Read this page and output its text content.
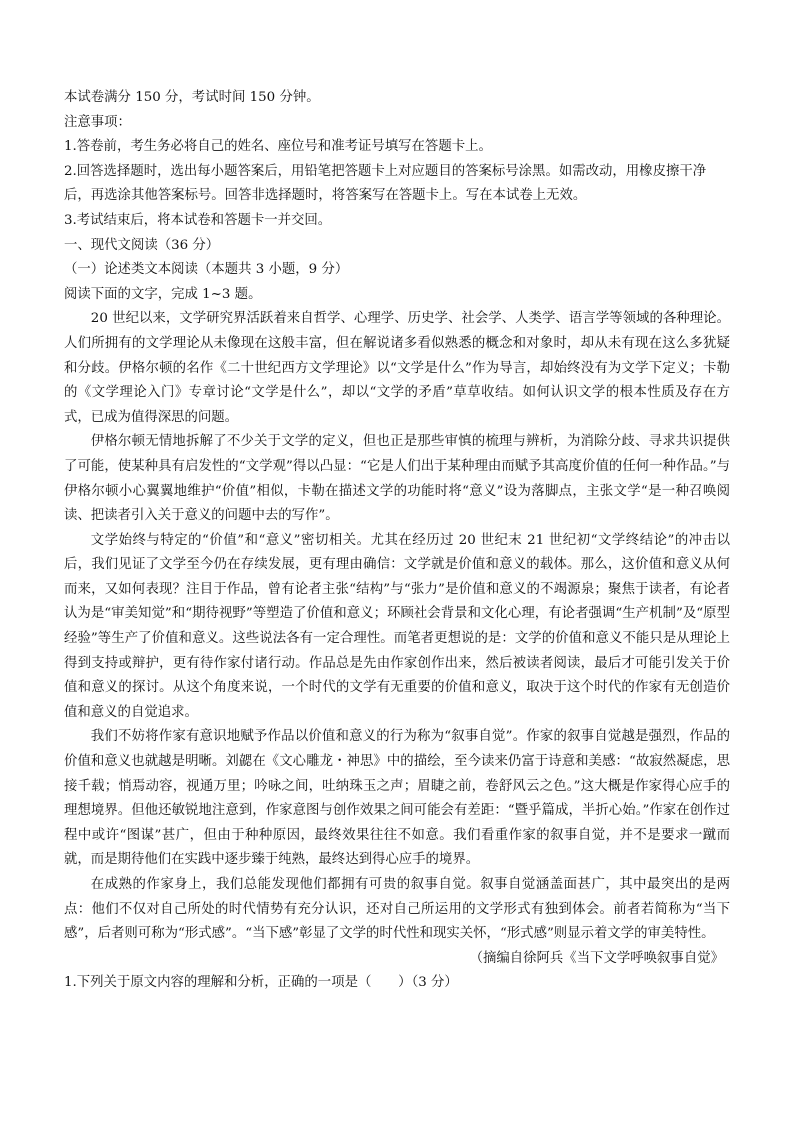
本试卷满分 150 分，考试时间 150 分钟。

注意事项：

1.答卷前，考生务必将自己的姓名、座位号和准考证号填写在答题卡上。

2.回答选择题时，选出每小题答案后，用铅笔把答题卡上对应题目的答案标号涂黑。如需改动，用橡皮擦干净后，再选涂其他答案标号。回答非选择题时，将答案写在答题卡上。写在本试卷上无效。

3.考试结束后，将本试卷和答题卡一并交回。

一、现代文阅读（36 分）

（一）论述类文本阅读（本题共 3 小题，9 分）

阅读下面的文字，完成 1~3 题。

20 世纪以来，文学研究界活跃着来自哲学、心理学、历史学、社会学、人类学、语言学等领域的各种理论。人们所拥有的文学理论从未像现在这般丰富，但在解说诸多看似熟悉的概念和对象时，却从未有现在这么多犹疑和分歧。伊格尔顿的名作《二十世纪西方文学理论》以“文学是什么”作为导言，却始终没有为文学下定义；卡勒的《文学理论入门》专章讨论“文学是什么”，却以“文学的矛盾”草草收结。如何认识文学的根本性质及存在方式，已成为值得深思的问题。

伊格尔顿无情地拆解了不少关于文学的定义，但也正是那些审慎的梳理与辨析，为消除分歧、寻求共识提供了可能，使某种具有启发性的“文学观”得以凸显：“它是人们出于某种理由而赋予其高度价值的任何一种作品。”与伊格尔顿小心翼翼地维护“价值”相似，卡勒在描述文学的功能时将“意义”设为落脚点，主张文学“是一种召唤阅读、把读者引入关于意义的问题中去的写作”。

文学始终与特定的“价值”和“意义”密切相关。尤其在经历过 20 世纪末 21 世纪初“文学终结论”的冲击以后，我们见证了文学至今仍在存续发展，更有理由确信：文学就是价值和意义的载体。那么，这价值和意义从何而来，又如何表现？注目于作品，曾有论者主张“结构”与“张力”是价值和意义的不竭源泉；聚焦于读者，有论者认为是“审美知觉”和“期待视野”等塑造了价值和意义；环顾社会背景和文化心理，有论者强调“生产机制”及“原型经验”等生产了价值和意义。这些说法各有一定合理性。而笔者更想说的是：文学的价值和意义不能只是从理论上得到支持或辩护，更有待作家付诸行动。作品总是先由作家创作出来，然后被读者阅读，最后才可能引发关于价值和意义的探讨。从这个角度来说，一个时代的文学有无重要的价值和意义，取决于这个时代的作家有无创造价值和意义的自觉追求。

我们不妨将作家有意识地赋予作品以价值和意义的行为称为“叙事自觉”。作家的叙事自觉越是强烈，作品的价值和意义也就越是明晰。刘勰在《文心雕龙・神思》中的描绘，至今读来仍富于诗意和美感：“故寂然凝虑，思接千载；悄焉动容，视通万里；吟咏之间，吐纳珠玉之声；眉睫之前，卷舒风云之色。”这大概是作家得心应手的理想境界。但他还敏锐地注意到，作家意图与创作效果之间可能会有差距：“暨乎篇成，半折心始。”作家在创作过程中或许“图谋”甚广，但由于种种原因，最终效果往往不如意。我们看重作家的叙事自觉，并不是要求一蹴而就，而是期待他们在实践中逐步臻于纯熟，最终达到得心应手的境界。

在成熟的作家身上，我们总能发现他们都拥有可贵的叙事自觉。叙事自觉涵盖面甚广，其中最突出的是两点：他们不仅对自己所处的时代情势有充分认识，还对自己所运用的文学形式有独到体会。前者若简称为“当下感”，后者则可称为“形式感”。“当下感”彰显了文学的时代性和现实关怀，“形式感”则显示着文学的审美特性。

（摘编自徐阿兵《当下文学呼唤叙事自觉》

1.下列关于原文内容的理解和分析，正确的一项是（　　）（3 分）
